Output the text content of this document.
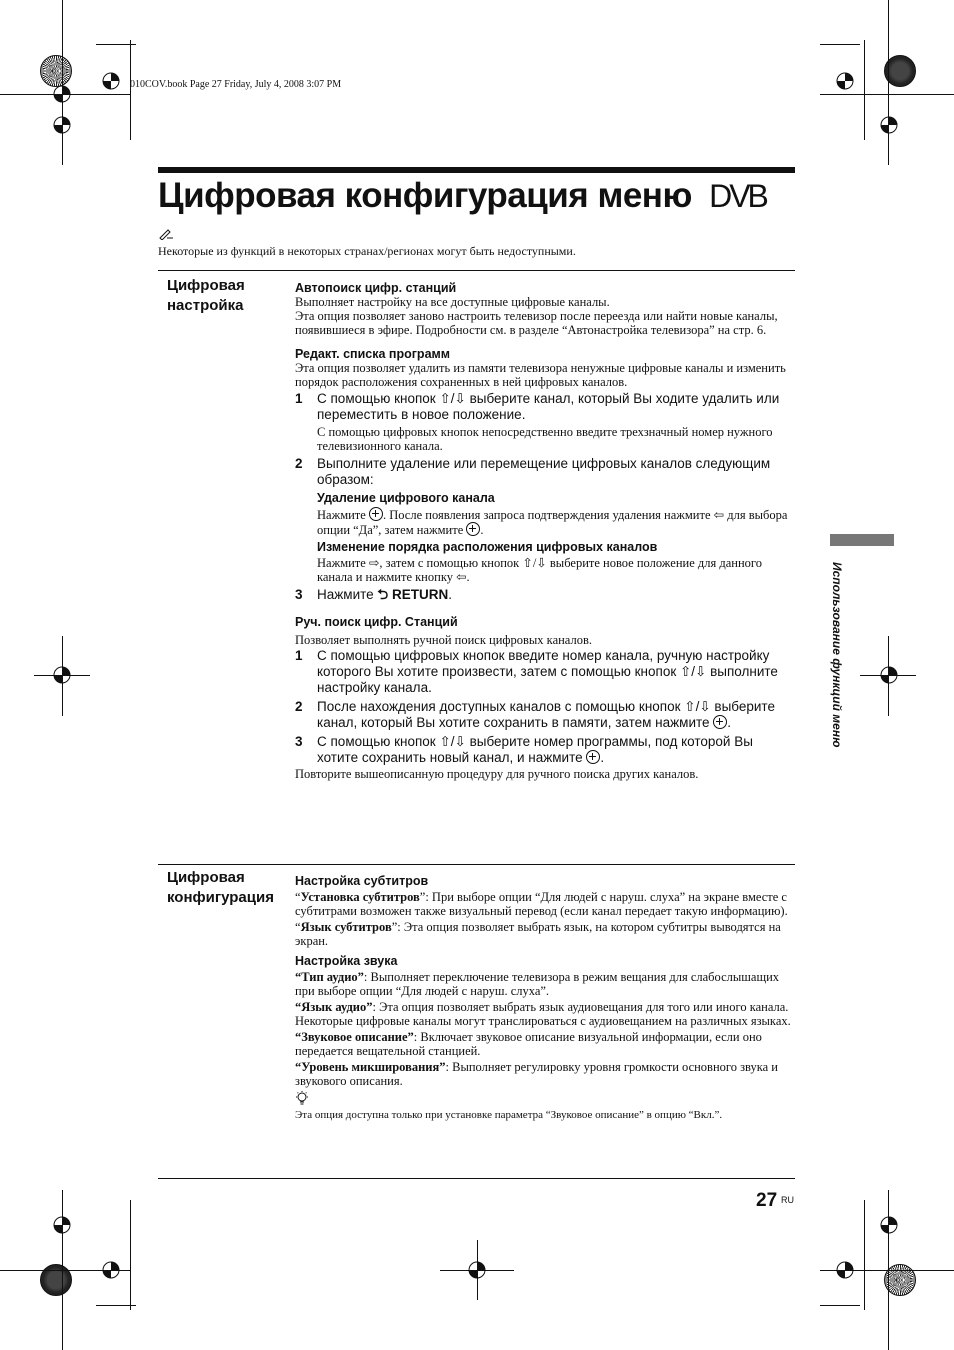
010COV.book Page 27 Friday, July 4, 2008 3:07 PM
Цифровая конфигурация меню DVB
Некоторые из функций в некоторых странах/регионах могут быть недоступными.
Цифровая
настройка

Автопоиск цифр. станций

Выполняет настройку на все доступные цифровые каналы.

Эта опция позволяет заново настроить телевизор после переезда или найти новые каналы, появившиеся в эфире. Подробности см. в разделе “Автонастройка телевизора” на стр. 6.

Редакт. списка программ

Эта опция позволяет удалить из памяти телевизора ненужные цифровые каналы и изменить порядок расположения сохраненных в ней цифровых каналов.

1 С помощью кнопок ⇧/⇩ выберите канал, который Вы ходите удалить или переместить в новое положение.

С помощью цифровых кнопок непосредственно введите трехзначный номер нужного телевизионного канала.

2 Выполните удаление или перемещение цифровых каналов следующим образом:

Удаление цифрового канала

Нажмите . После появления запроса подтверждения удаления нажмите ⇦ для выбора опции “Да”, затем нажмите .

Изменение порядка расположения цифровых каналов

Нажмите ⇨, затем с помощью кнопок ⇧/⇩ выберите новое положение для данного канала и нажмите кнопку ⇦.

3 Нажмите ⮌ RETURN.

Руч. поиск цифр. Станций

Позволяет выполнять ручной поиск цифровых каналов.

1 С помощью цифровых кнопок введите номер канала, ручную настройку которого Вы хотите произвести, затем с помощью кнопок ⇧/⇩ выполните настройку канала.
2 После нахождения доступных каналов с помощью кнопок ⇧/⇩ выберите канал, который Вы хотите сохранить в памяти, затем нажмите .
3 С помощью кнопок ⇧/⇩ выберите номер программы, под которой Вы хотите сохранить новый канал, и нажмите .

Повторите вышеописанную процедуру для ручного поиска других каналов.

Цифровая
конфигурация

Настройка субтитров

“Установка субтитров”: При выборе опции “Для людей с наруш. слуха” на экране вместе с субтитрами возможен также визуальный перевод (если канал передает такую информацию).

“Язык субтитров”: Эта опция позволяет выбрать язык, на котором субтитры выводятся на экран.

Настройка звука

“Тип аудио”: Выполняет переключение телевизора в режим вещания для слабослышащих при выборе опции “Для людей с наруш. слуха”.

“Язык аудио”: Эта опция позволяет выбрать язык аудиовещания для того или иного канала. Некоторые цифровые каналы могут транслироваться с аудиовещанием на различных языках.

“Звуковое описание”: Включает звуковое описание визуальной информации, если оно передается вещательной станцией.

“Уровень микширования”: Выполняет регулировку уровня громкости основного звука и звукового описания.

Эта опция доступна только при установке параметра “Звуковое описание” в опцию “Вкл.”.

Использование функций меню
27 RU
